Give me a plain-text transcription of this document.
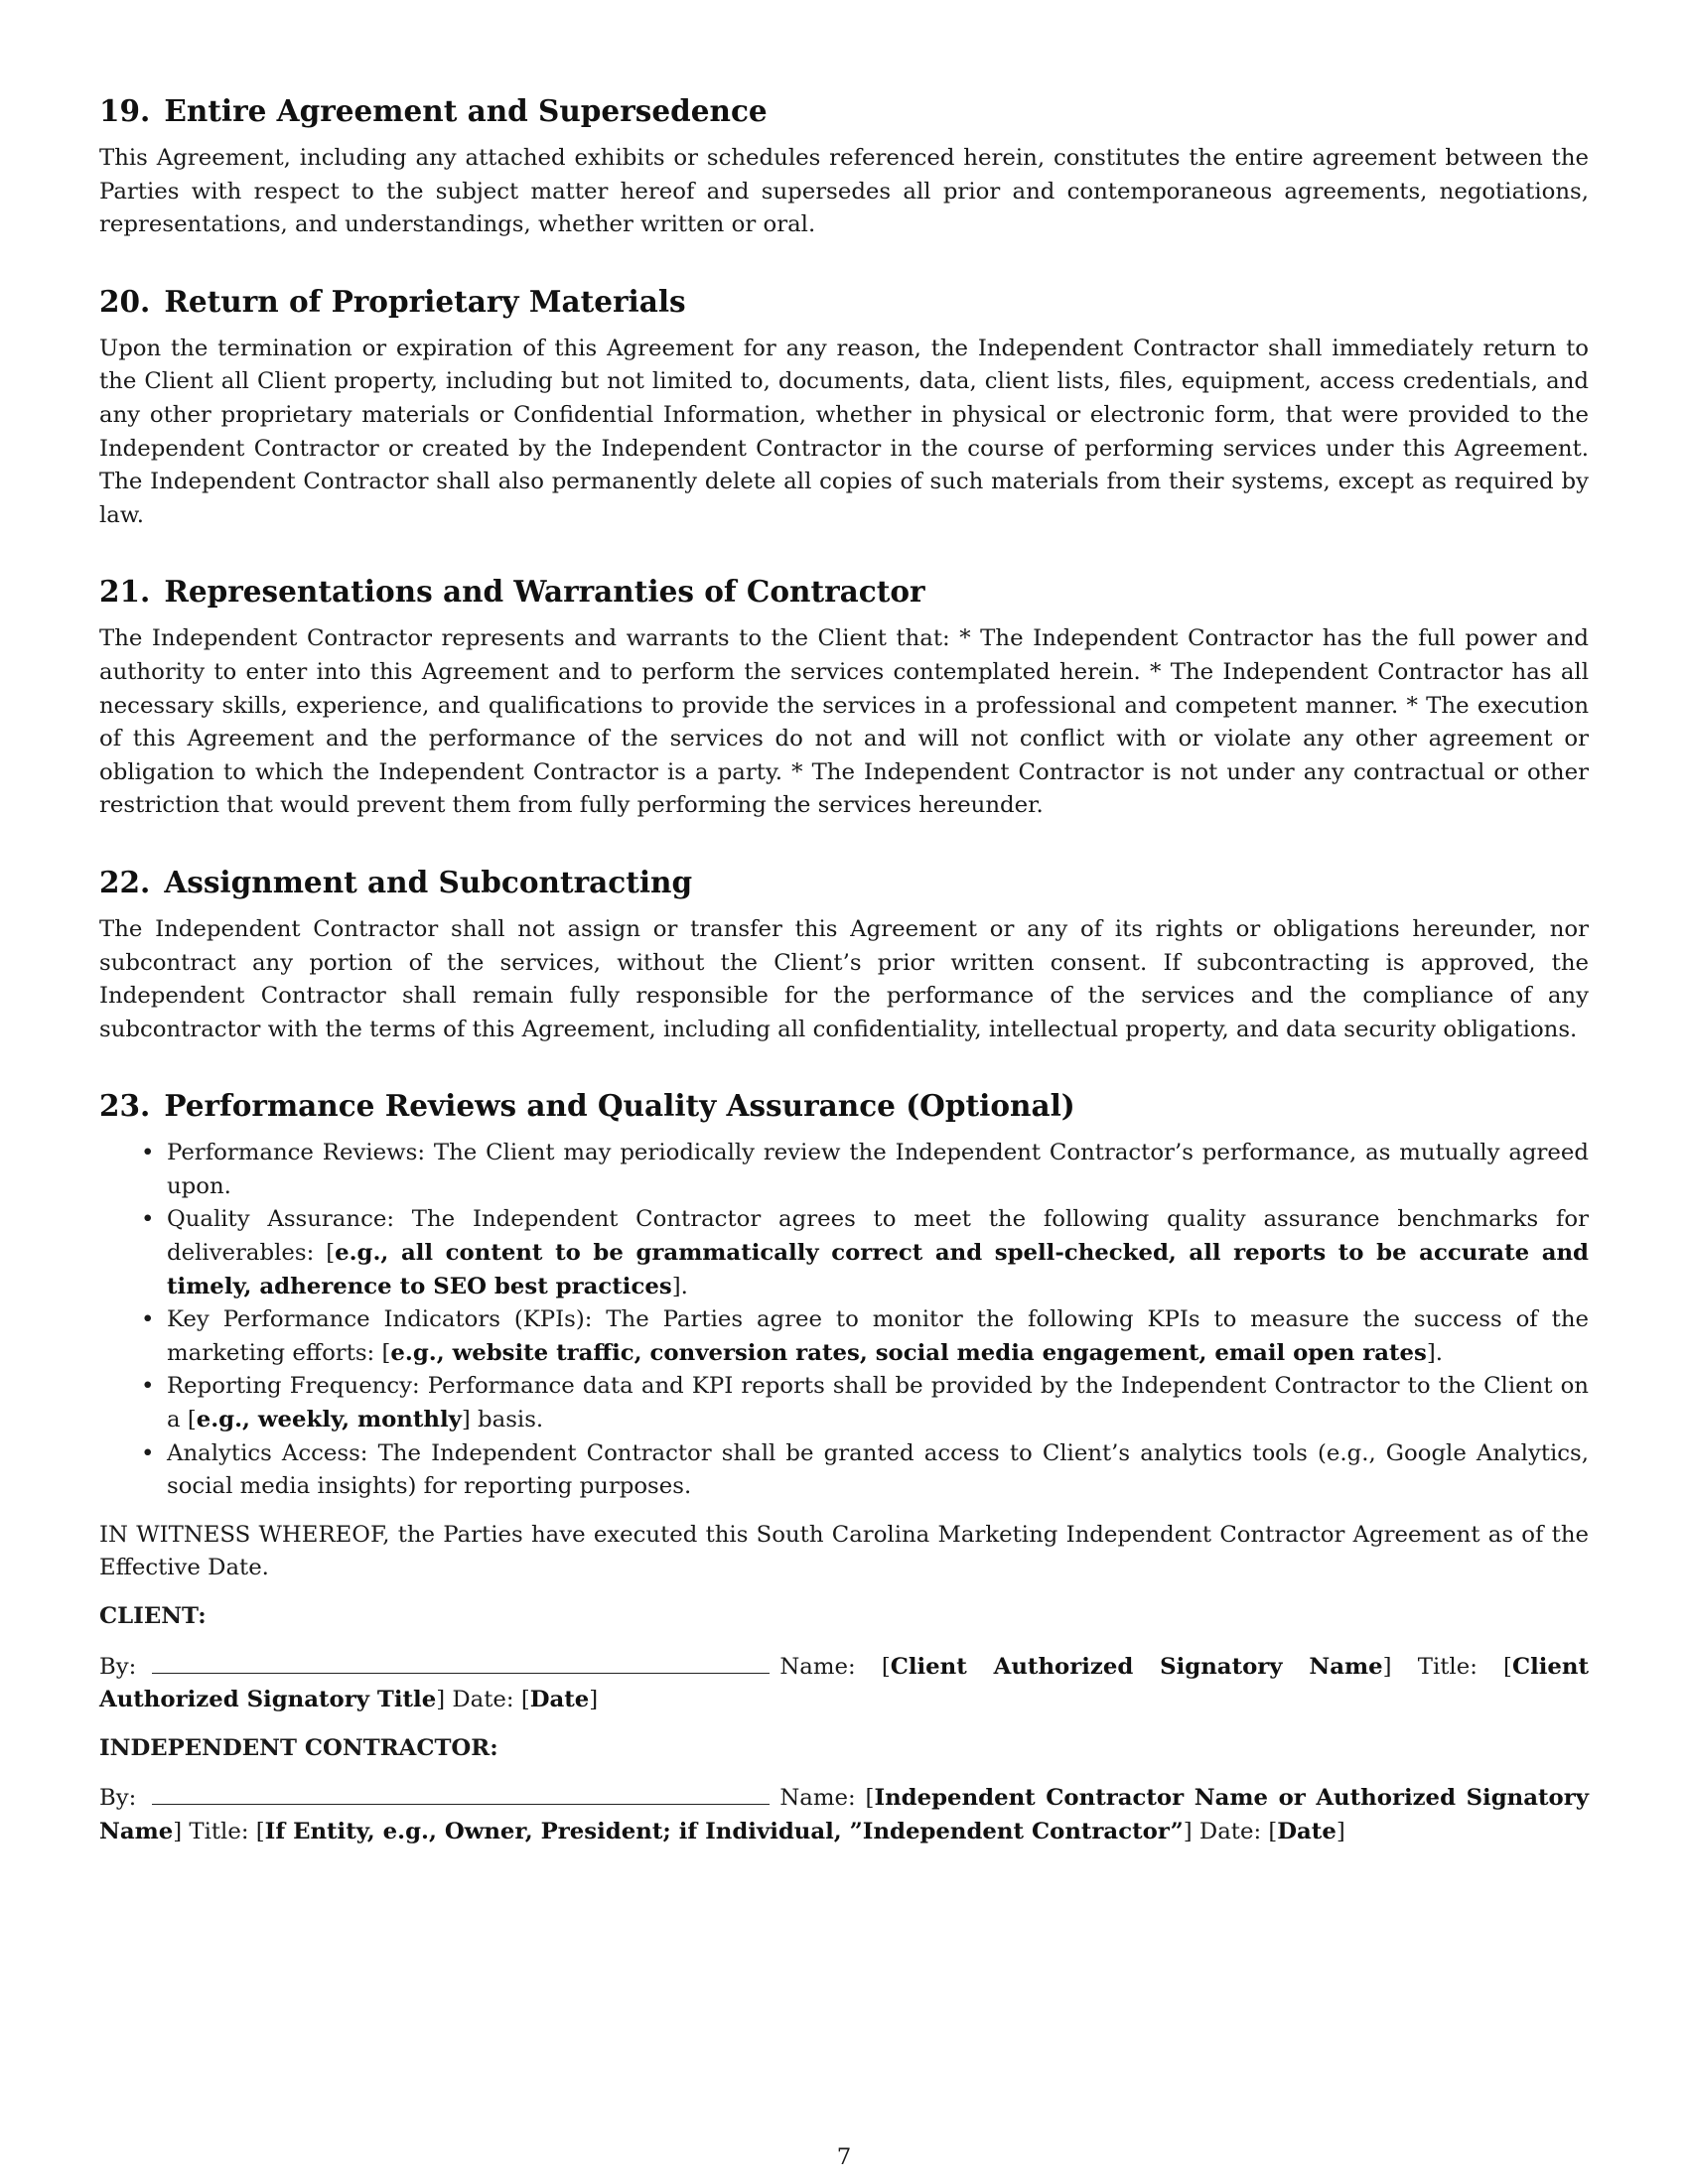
19. Entire Agreement and Supersedence

This Agreement, including any attached exhibits or schedules referenced herein, constitutes the entire agreement between the Parties with respect to the subject matter hereof and supersedes all prior and contemporaneous agreements, negotiations, representations, and understandings, whether written or oral.

20. Return of Proprietary Materials

Upon the termination or expiration of this Agreement for any reason, the Independent Contractor shall immediately return to the Client all Client property, including but not limited to, documents, data, client lists, files, equipment, access credentials, and any other proprietary materials or Confidential Information, whether in physical or electronic form, that were provided to the Independent Contractor or created by the Independent Contractor in the course of performing services under this Agreement. The Independent Contractor shall also permanently delete all copies of such materials from their systems, except as required by law.

21. Representations and Warranties of Contractor

The Independent Contractor represents and warrants to the Client that: * The Independent Contractor has the full power and authority to enter into this Agreement and to perform the services contemplated herein. * The Independent Contractor has all necessary skills, experience, and qualifications to provide the services in a professional and competent manner. * The execution of this Agreement and the performance of the services do not and will not conflict with or violate any other agreement or obligation to which the Independent Contractor is a party. * The Independent Contractor is not under any contractual or other restriction that would prevent them from fully performing the services hereunder.

22. Assignment and Subcontracting

The Independent Contractor shall not assign or transfer this Agreement or any of its rights or obligations hereunder, nor subcontract any portion of the services, without the Client’s prior written consent. If subcontracting is approved, the Independent Contractor shall remain fully responsible for the performance of the services and the compliance of any subcontractor with the terms of this Agreement, including all confidentiality, intellectual property, and data security obligations.

23. Performance Reviews and Quality Assurance (Optional)
• Performance Reviews: The Client may periodically review the Independent Contractor’s performance, as mutually agreed upon.
• Quality Assurance: The Independent Contractor agrees to meet the following quality assurance benchmarks for deliverables: [e.g., all content to be grammatically correct and spell-checked, all reports to be accurate and timely, adherence to SEO best practices].
• Key Performance Indicators (KPIs): The Parties agree to monitor the following KPIs to measure the success of the marketing efforts: [e.g., website traffic, conversion rates, social media engagement, email open rates].
• Reporting Frequency: Performance data and KPI reports shall be provided by the Independent Contractor to the Client on a [e.g., weekly, monthly] basis.
• Analytics Access: The Independent Contractor shall be granted access to Client’s analytics tools (e.g., Google Analytics, social media insights) for reporting purposes.

IN WITNESS WHEREOF, the Parties have executed this South Carolina Marketing Independent Contractor Agreement as of the Effective Date.

CLIENT:

By:	Name: [Client Authorized Signatory Name] Title: [Client Authorized Signatory Title] Date: [Date]

INDEPENDENT CONTRACTOR:

By:	Name: [Independent Contractor Name or Authorized Signatory Name] Title: [If Entity, e.g., Owner, President; if Individual, ”Independent Contractor”] Date: [Date]

7
